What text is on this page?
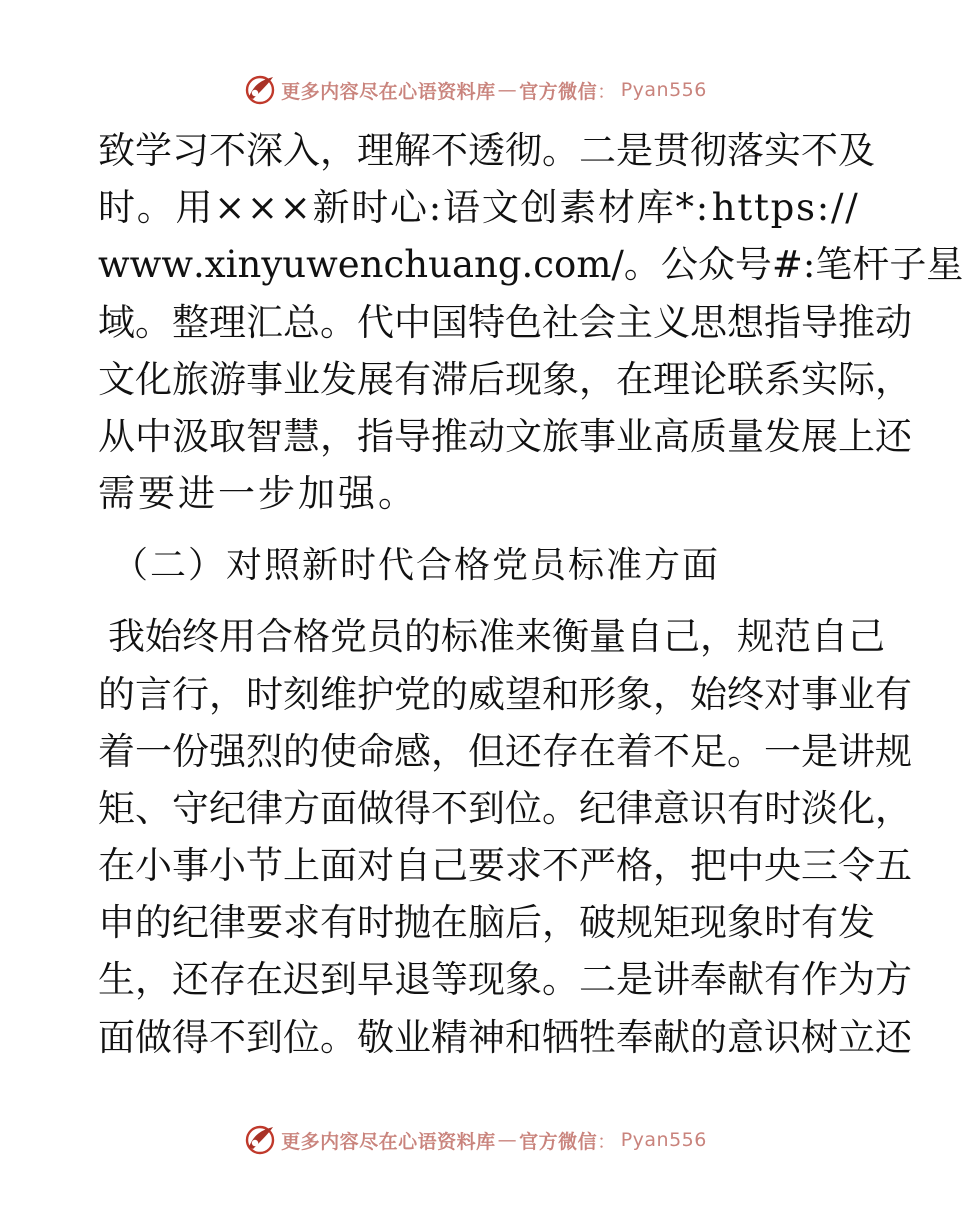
更多内容尽在心语资料库 — 官方微信 ： Pyan556
致 学 习 不 深 入 ， 理 解 不 透 彻 。 二 是 贯 彻 落 实 不 及
时 。 用 × × × 新 时 心 : 语 文 创 素 材 库 * : h t t p s : / /
w w w . x i n y u w e n c h u a n g . c o m / 。 公 众 号 # : 笔 杆 子 星
域 。 整 理 汇 总 。 代 中 国 特 色 社 会 主 义 思 想 指 导 推 动
文 化 旅 游 事 业 发 展 有 滞 后 现 象 ， 在 理 论 联 系 实 际 ，
从 中 汲 取 智 慧 ， 指 导 推 动 文 旅 事 业 高 质 量 发 展 上 还
需要进一步加强。
（二）对照新时代合格党员标准方面
我 始 终 用 合 格 党 员 的 标 准 来 衡 量 自 己 ， 规 范 自 己
的 言 行 ， 时 刻 维 护 党 的 威 望 和 形 象 ， 始 终 对 事 业 有
着 一 份 强 烈 的 使 命 感 ， 但 还 存 在 着 不 足 。 一 是 讲 规
矩 、 守 纪 律 方 面 做 得 不 到 位 。 纪 律 意 识 有 时 淡 化 ，
在 小 事 小 节 上 面 对 自 己 要 求 不 严 格 ， 把 中 央 三 令 五
申 的 纪 律 要 求 有 时 抛 在 脑 后 ， 破 规 矩 现 象 时 有 发
生 ， 还 存 在 迟 到 早 退 等 现 象 。 二 是 讲 奉 献 有 作 为 方
面 做 得 不 到 位 。 敬 业 精 神 和 牺 牲 奉 献 的 意 识 树 立 还
更多内容尽在心语资料库 — 官方微信 ： Pyan556
